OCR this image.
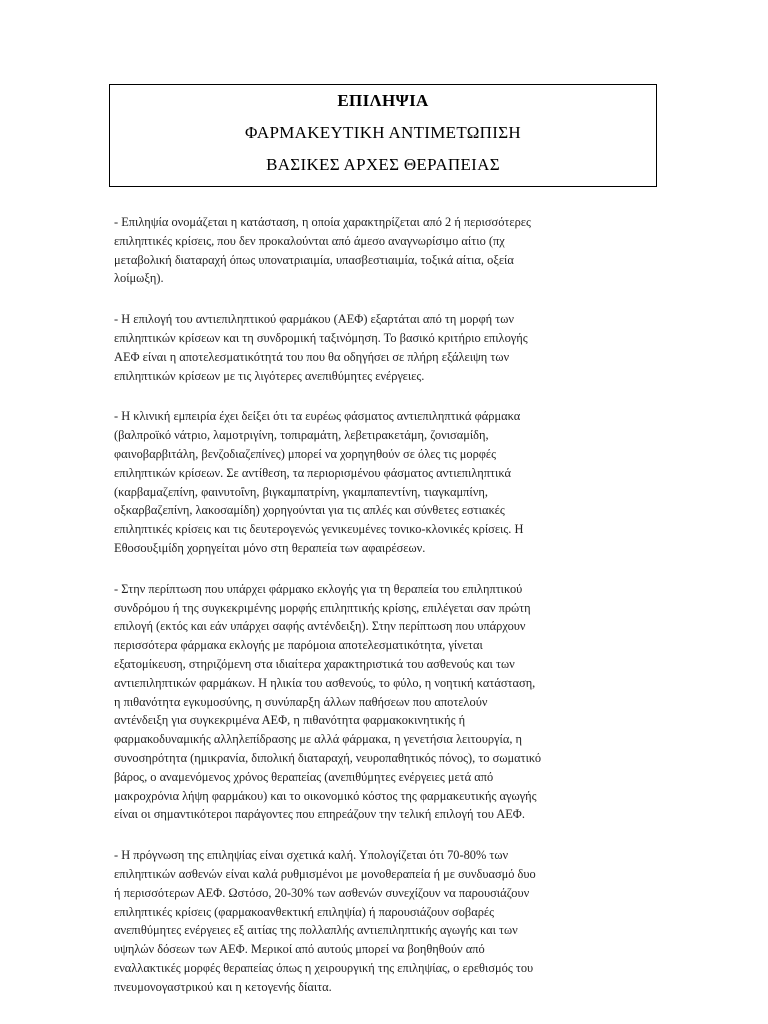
ΕΠΙΛΗΨΙΑ
ΦΑΡΜΑΚΕΥΤΙΚΗ ΑΝΤΙΜΕΤΩΠΙΣΗ
ΒΑΣΙΚΕΣ ΑΡΧΕΣ ΘΕΡΑΠΕΙΑΣ
- Επιληψία ονομάζεται η κατάσταση, η οποία χαρακτηρίζεται από 2 ή περισσότερες
επιληπτικές κρίσεις, που δεν προκαλούνται από άμεσο αναγνωρίσιμο αίτιο (πχ
μεταβολική διαταραχή όπως υπονατριαιμία, υπασβεστιαιμία, τοξικά αίτια, οξεία
λοίμωξη).
- Η επιλογή του αντιεπιληπτικού φαρμάκου (ΑΕΦ) εξαρτάται από τη μορφή των
επιληπτικών κρίσεων και τη συνδρομική ταξινόμηση. Το βασικό κριτήριο επιλογής
ΑΕΦ είναι η αποτελεσματικότητά του που θα οδηγήσει σε πλήρη εξάλειψη των
επιληπτικών κρίσεων με τις λιγότερες ανεπιθύμητες ενέργειες.
- Η κλινική εμπειρία έχει δείξει ότι τα ευρέως φάσματος αντιεπιληπτικά φάρμακα
(βαλπροϊκό νάτριο, λαμοτριγίνη, τοπιραμάτη, λεβετιρακετάμη, ζονισαμίδη,
φαινοβαρβιτάλη, βενζοδιαζεπίνες) μπορεί να χορηγηθούν σε όλες τις μορφές
επιληπτικών κρίσεων. Σε αντίθεση, τα περιορισμένου φάσματος αντιεπιληπτικά
(καρβαμαζεπίνη, φαινυτοΐνη, βιγκαμπατρίνη, γκαμπαπεντίνη, τιαγκαμπίνη,
οξκαρβαζεπίνη, λακοσαμίδη) χορηγούνται για τις απλές και σύνθετες εστιακές
επιληπτικές κρίσεις και τις δευτερογενώς γενικευμένες τονικο-κλονικές κρίσεις. Η
Εθοσουξιμίδη χορηγείται μόνο στη θεραπεία των αφαιρέσεων.
- Στην περίπτωση που υπάρχει φάρμακο εκλογής για τη θεραπεία του επιληπτικού
συνδρόμου ή της συγκεκριμένης μορφής επιληπτικής κρίσης, επιλέγεται σαν πρώτη
επιλογή (εκτός και εάν υπάρχει σαφής αντένδειξη). Στην περίπτωση που υπάρχουν
περισσότερα φάρμακα εκλογής με παρόμοια αποτελεσματικότητα, γίνεται
εξατομίκευση, στηριζόμενη στα ιδιαίτερα χαρακτηριστικά του ασθενούς και των
αντιεπιληπτικών φαρμάκων. Η ηλικία του ασθενούς, το φύλο, η νοητική κατάσταση,
η πιθανότητα εγκυμοσύνης, η συνύπαρξη άλλων παθήσεων που αποτελούν
αντένδειξη για συγκεκριμένα ΑΕΦ, η πιθανότητα φαρμακοκινητικής ή
φαρμακοδυναμικής αλληλεπίδρασης με αλλά φάρμακα, η γενετήσια λειτουργία, η
συνοσηρότητα (ημικρανία, διπολική διαταραχή, νευροπαθητικός πόνος), το σωματικό
βάρος, ο αναμενόμενος χρόνος θεραπείας (ανεπιθύμητες ενέργειες μετά από
μακροχρόνια λήψη φαρμάκου) και το οικονομικό κόστος της φαρμακευτικής αγωγής
είναι οι σημαντικότεροι παράγοντες που επηρεάζουν την τελική επιλογή του ΑΕΦ.
- Η πρόγνωση της επιληψίας είναι σχετικά καλή. Υπολογίζεται ότι 70-80% των
επιληπτικών ασθενών είναι καλά ρυθμισμένοι με μονοθεραπεία ή με συνδυασμό δυο
ή περισσότερων ΑΕΦ. Ωστόσο, 20-30% των ασθενών συνεχίζουν να παρουσιάζουν
επιληπτικές κρίσεις (φαρμακοανθεκτική επιληψία) ή παρουσιάζουν σοβαρές
ανεπιθύμητες ενέργειες εξ αιτίας της πολλαπλής αντιεπιληπτικής αγωγής και των
υψηλών δόσεων των ΑΕΦ. Μερικοί από αυτούς μπορεί να βοηθηθούν από
εναλλακτικές μορφές θεραπείας όπως η χειρουργική της επιληψίας, ο ερεθισμός του
πνευμονογαστρικού και η κετογενής δίαιτα.
